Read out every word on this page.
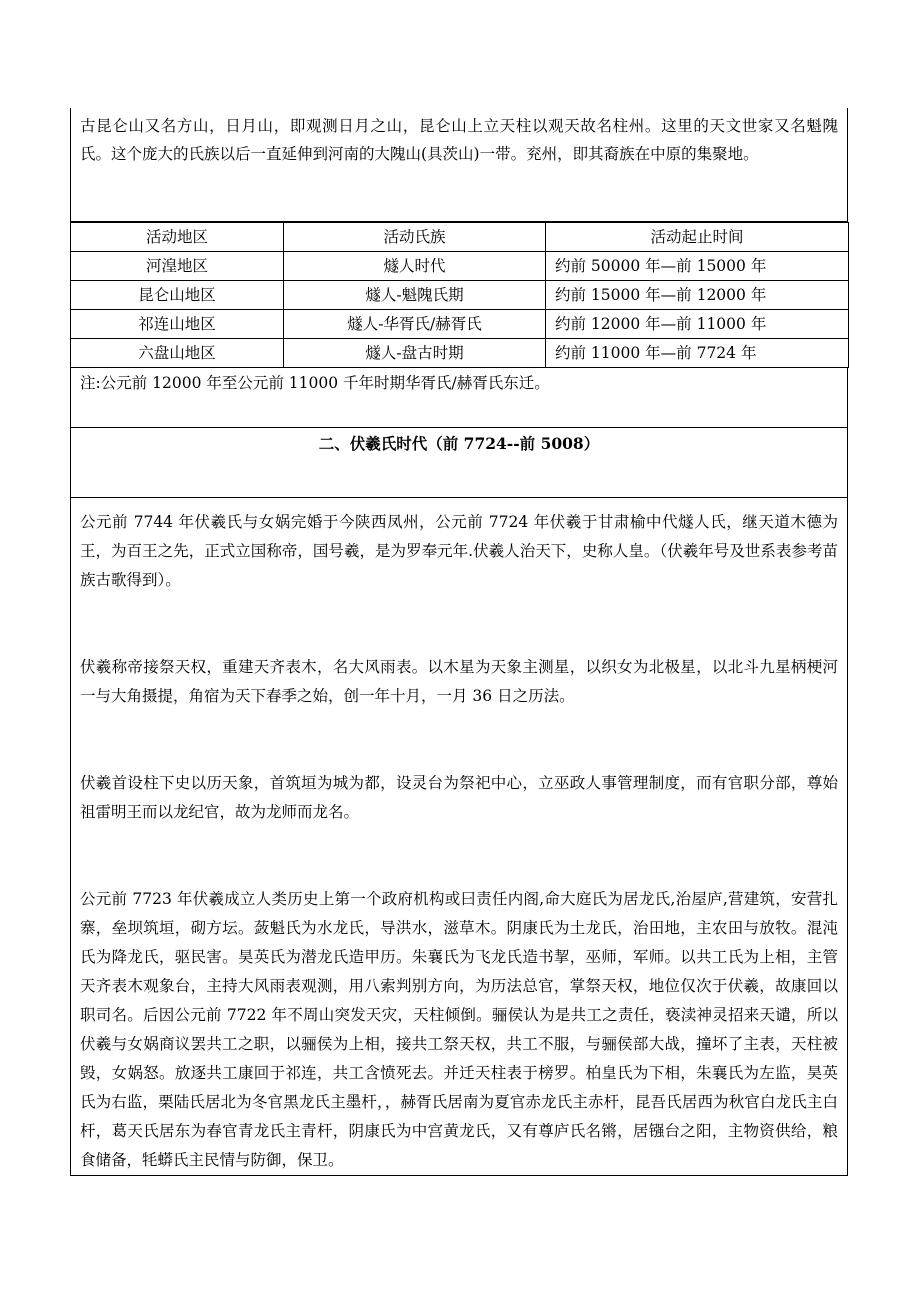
古昆仑山又名方山，日月山，即观测日月之山，昆仑山上立天柱以观天故名柱州。这里的天文世家又名魁隗氏。这个庞大的氏族以后一直延伸到河南的大隗山(具茨山)一带。兖州，即其裔族在中原的集聚地。

活动地区	活动氏族	活动起止时间
河湟地区	燧人时代	约前 50000 年—前 15000 年
昆仑山地区	燧人-魁隗氏期	约前 15000 年—前 12000 年
祁连山地区	燧人-华胥氏/赫胥氏	约前 12000 年—前 11000 年
六盘山地区	燧人-盘古时期	约前 11000 年—前 7724 年
注:公元前 12000 年至公元前 11000 千年时期华胥氏/赫胥氏东迁。
二、伏羲氏时代（前 7724--前 5008）

公元前 7744 年伏羲氏与女娲完婚于今陕西凤州，公元前 7724 年伏羲于甘肃榆中代燧人氏，继天道木德为王，为百王之先，正式立国称帝，国号羲，是为罗奉元年.伏羲人治天下，史称人皇。（伏羲年号及世系表参考苗族古歌得到）。

伏羲称帝接祭天权，重建天齐表木，名大风雨表。以木星为天象主测星，以织女为北极星，以北斗九星柄梗河一与大角摄提，角宿为天下春季之始，创一年十月，一月 36 日之历法。

伏羲首设柱下史以历天象，首筑垣为城为都，设灵台为祭祀中心，立巫政人事管理制度，而有官职分部，尊始祖雷明王而以龙纪官，故为龙师而龙名。

公元前 7723 年伏羲成立人类历史上第一个政府机构或曰责任内阁,命大庭氏为居龙氏,治屋庐,营建筑，安营扎寨，垒坝筑垣，砌方坛。蔹魁氏为水龙氏，导洪水，滋草木。阴康氏为土龙氏，治田地，主农田与放牧。混沌氏为降龙氏，驱民害。昊英氏为潜龙氏造甲历。朱襄氏为飞龙氏造书挈，巫师，军师。以共工氏为上相，主管天齐表木观象台，主持大风雨表观测，用八索判别方向，为历法总官，掌祭天权，地位仅次于伏羲，故康回以职司名。后因公元前 7722 年不周山突发天灾，天柱倾倒。骊侯认为是共工之责任，亵渎神灵招来天谴，所以伏羲与女娲商议罢共工之职，以骊侯为上相，接共工祭天权，共工不服，与骊侯部大战，撞坏了主表，天柱被毁，女娲怒。放逐共工康回于祁连，共工含愤死去。并迁天柱表于榜罗。柏皇氏为下相，朱襄氏为左监，昊英氏为右监，栗陆氏居北为冬官黑龙氏主墨杆，，赫胥氏居南为夏官赤龙氏主赤杆，昆吾氏居西为秋官白龙氏主白杆，葛天氏居东为春官青龙氏主青杆，阴康氏为中宫黄龙氏，又有尊庐氏名锵，居镪台之阳，主物资供给，粮食储备，牦蟒氏主民情与防御，保卫。
